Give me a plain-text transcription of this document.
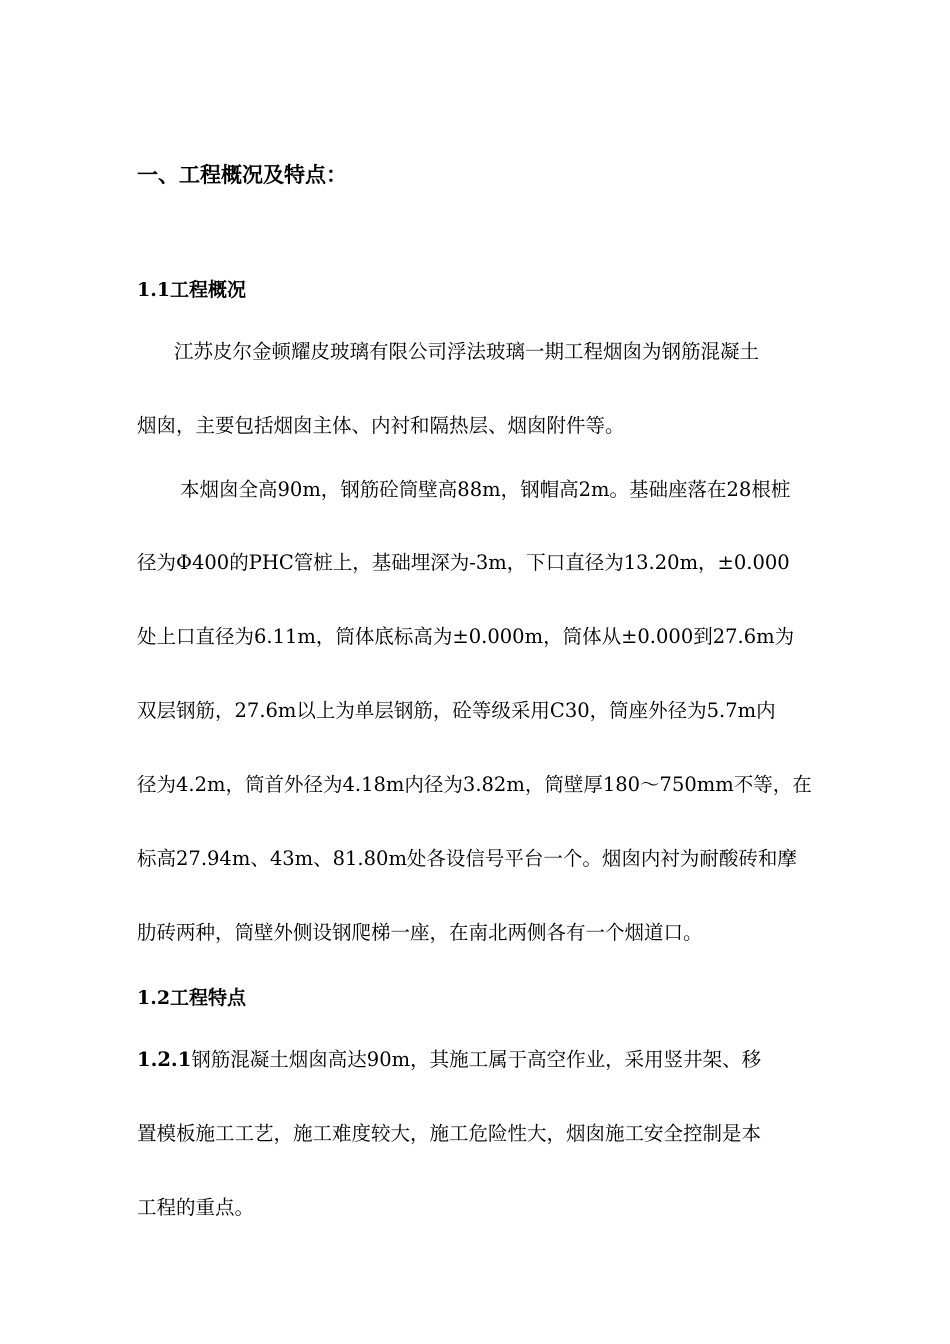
一、工程概况及特点：
1.1工程概况
江苏皮尔金顿耀皮玻璃有限公司浮法玻璃一期工程烟囱为钢筋混凝土
烟囱，主要包括烟囱主体、内衬和隔热层、烟囱附件等。
本烟囱全高90m，钢筋砼筒壁高88m，钢帽高2m。基础座落在28根桩
径为Φ400的PHC管桩上，基础埋深为-3m，下口直径为13.20m，±0.000
处上口直径为6.11m，筒体底标高为±0.000m，筒体从±0.000到27.6m为
双层钢筋，27.6m以上为单层钢筋，砼等级采用C30，筒座外径为5.7m内
径为4.2m，筒首外径为4.18m内径为3.82m，筒壁厚180～750mm不等，在
标高27.94m、43m、81.80m处各设信号平台一个。烟囱内衬为耐酸砖和摩
肋砖两种，筒壁外侧设钢爬梯一座，在南北两侧各有一个烟道口。
1.2工程特点
1.2.1钢筋混凝土烟囱高达90m，其施工属于高空作业，采用竖井架、移
置模板施工工艺，施工难度较大，施工危险性大，烟囱施工安全控制是本
工程的重点。
